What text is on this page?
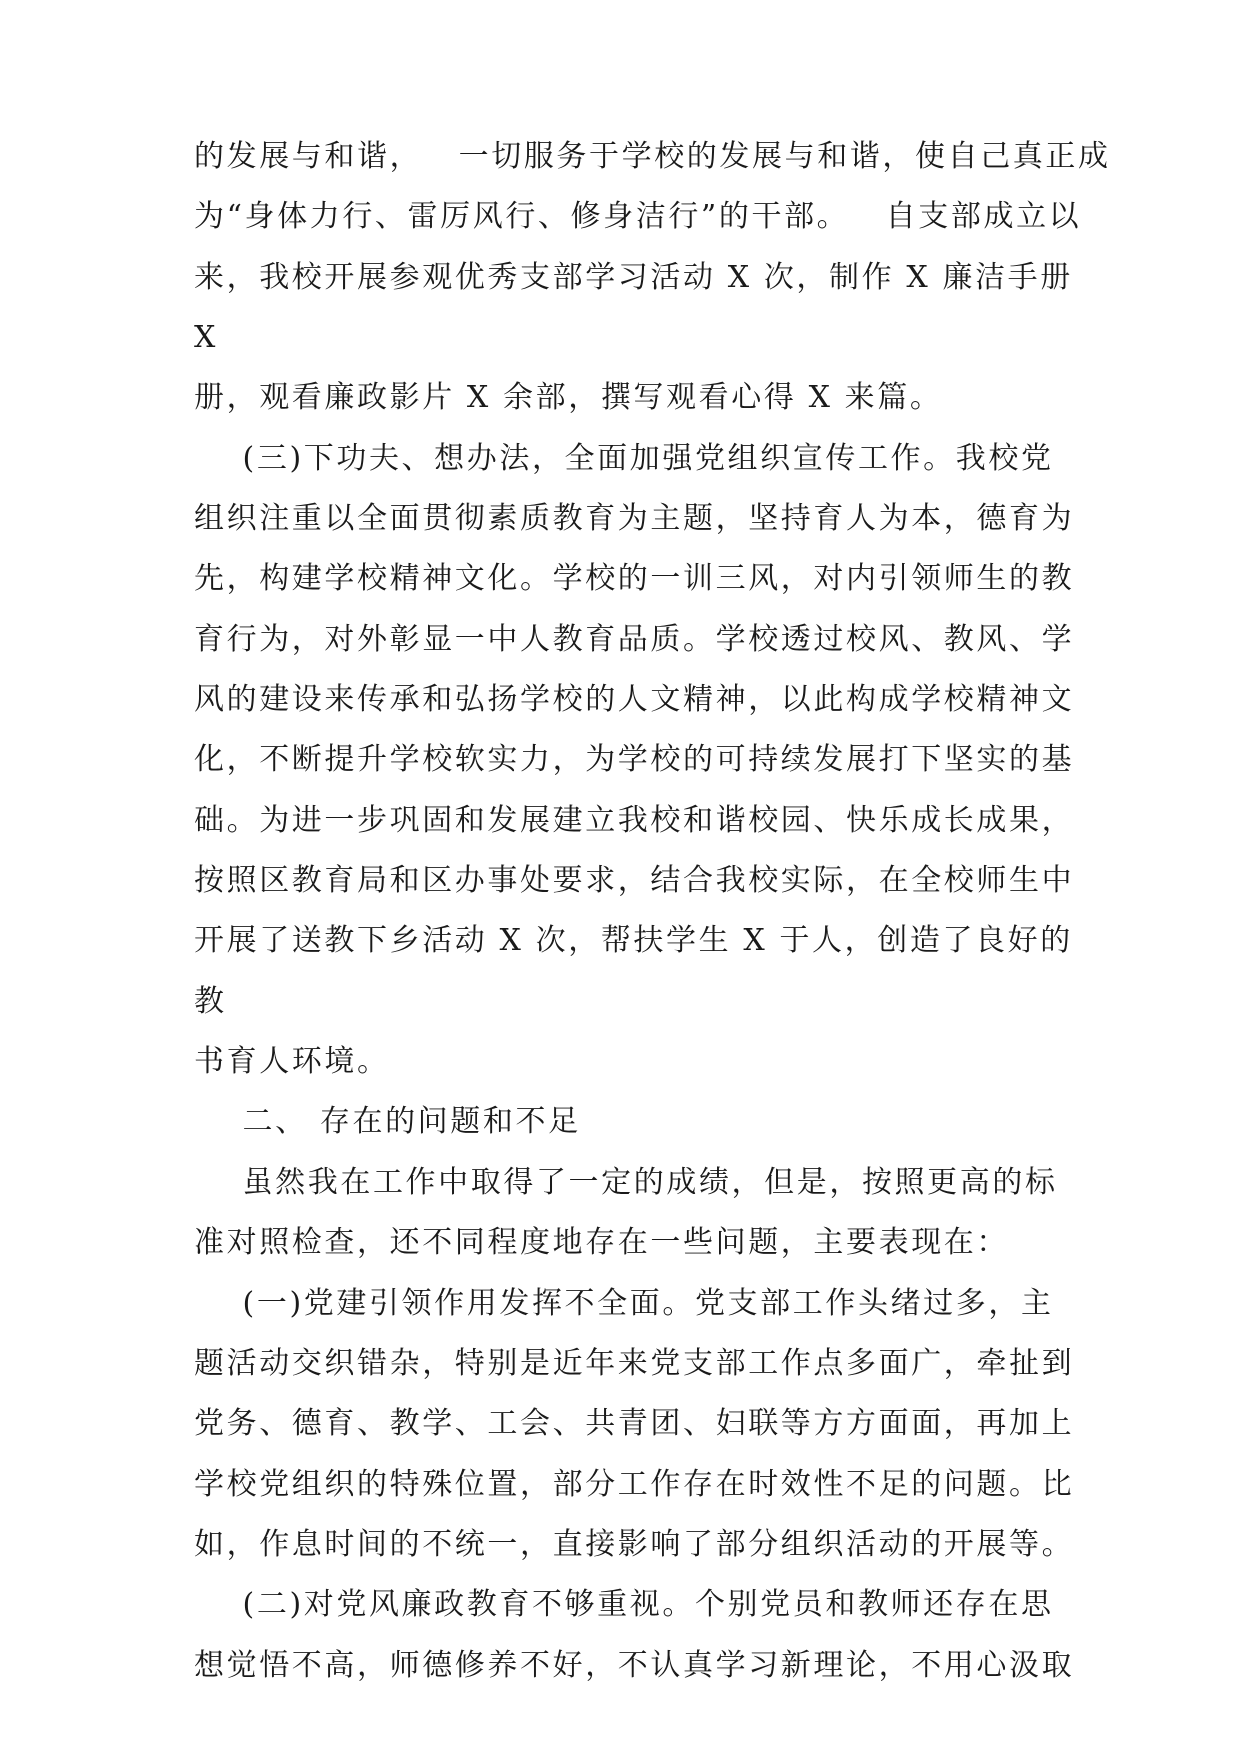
的发展与和谐，   一切服务于学校的发展与和谐，使自己真正成
为“身体力行、雷厉风行、修身洁行”的干部。   自支部成立以
来，我校开展参观优秀支部学习活动 X 次，制作 X 廉洁手册
X
册，观看廉政影片 X 余部，撰写观看心得 X 来篇。
(三)下功夫、想办法，全面加强党组织宣传工作。我校党
组织注重以全面贯彻素质教育为主题，坚持育人为本，德育为
先，构建学校精神文化。学校的一训三风，对内引领师生的教
育行为，对外彰显一中人教育品质。学校透过校风、教风、学
风的建设来传承和弘扬学校的人文精神，以此构成学校精神文
化，不断提升学校软实力，为学校的可持续发展打下坚实的基
础。为进一步巩固和发展建立我校和谐校园、快乐成长成果，
按照区教育局和区办事处要求，结合我校实际，在全校师生中
开展了送教下乡活动 X 次，帮扶学生 X 于人，创造了良好的
教
书育人环境。
二、 存在的问题和不足
虽然我在工作中取得了一定的成绩，但是，按照更高的标
准对照检查，还不同程度地存在一些问题，主要表现在：
(一)党建引领作用发挥不全面。党支部工作头绪过多，主
题活动交织错杂，特别是近年来党支部工作点多面广，牵扯到
党务、德育、教学、工会、共青团、妇联等方方面面，再加上
学校党组织的特殊位置，部分工作存在时效性不足的问题。比
如，作息时间的不统一，直接影响了部分组织活动的开展等。
(二)对党风廉政教育不够重视。个别党员和教师还存在思
想觉悟不高，师德修养不好，不认真学习新理论，不用心汲取
